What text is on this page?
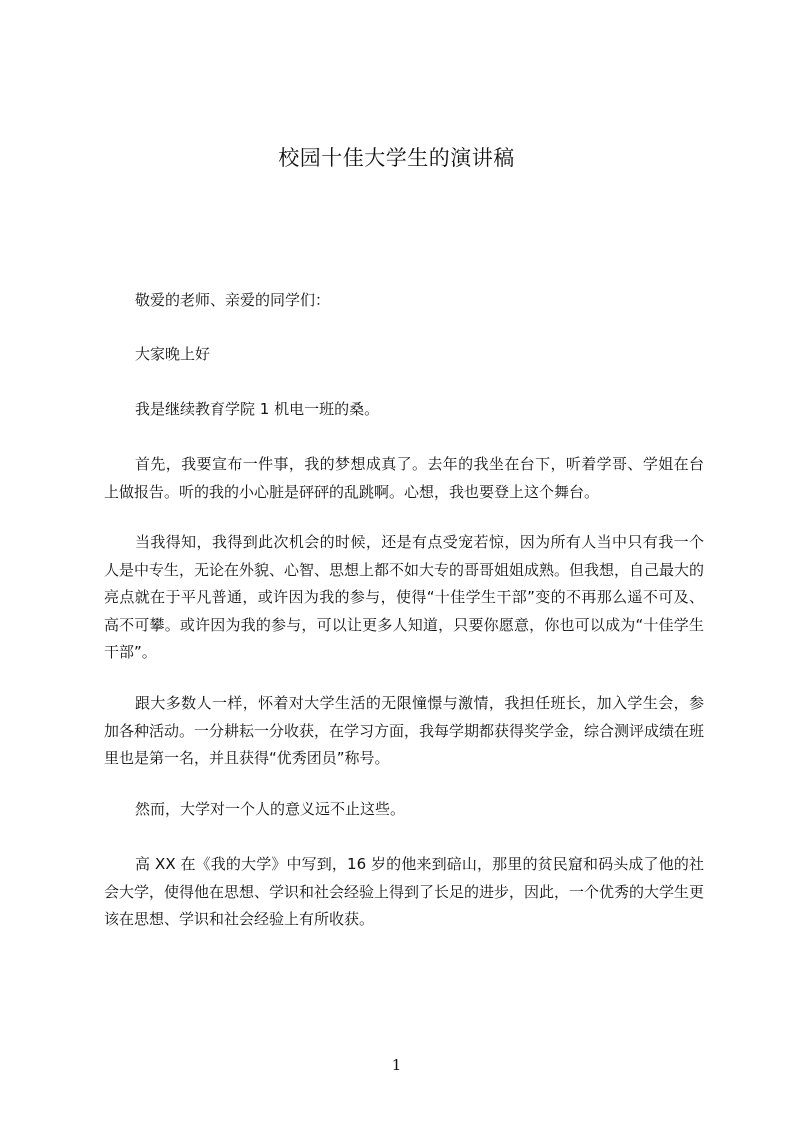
校园十佳大学生的演讲稿

敬爱的老师、亲爱的同学们：

大家晚上好

我是继续教育学院 1 机电一班的桑。

首先，我要宣布一件事，我的梦想成真了。去年的我坐在台下，听着学哥、学姐在台上做报告。听的我的小心脏是砰砰的乱跳啊。心想，我也要登上这个舞台。

当我得知，我得到此次机会的时候，还是有点受宠若惊，因为所有人当中只有我一个人是中专生，无论在外貌、心智、思想上都不如大专的哥哥姐姐成熟。但我想，自己最大的亮点就在于平凡普通，或许因为我的参与，使得“十佳学生干部”变的不再那么遥不可及、高不可攀。或许因为我的参与，可以让更多人知道，只要你愿意，你也可以成为“十佳学生干部”。

跟大多数人一样，怀着对大学生活的无限憧憬与激情，我担任班长，加入学生会，参加各种活动。一分耕耘一分收获，在学习方面，我每学期都获得奖学金，综合测评成绩在班里也是第一名，并且获得“优秀团员”称号。

然而，大学对一个人的意义远不止这些。

高 XX 在《我的大学》中写到，16 岁的他来到碚山，那里的贫民窟和码头成了他的社会大学，使得他在思想、学识和社会经验上得到了长足的进步，因此，一个优秀的大学生更该在思想、学识和社会经验上有所收获。

1
